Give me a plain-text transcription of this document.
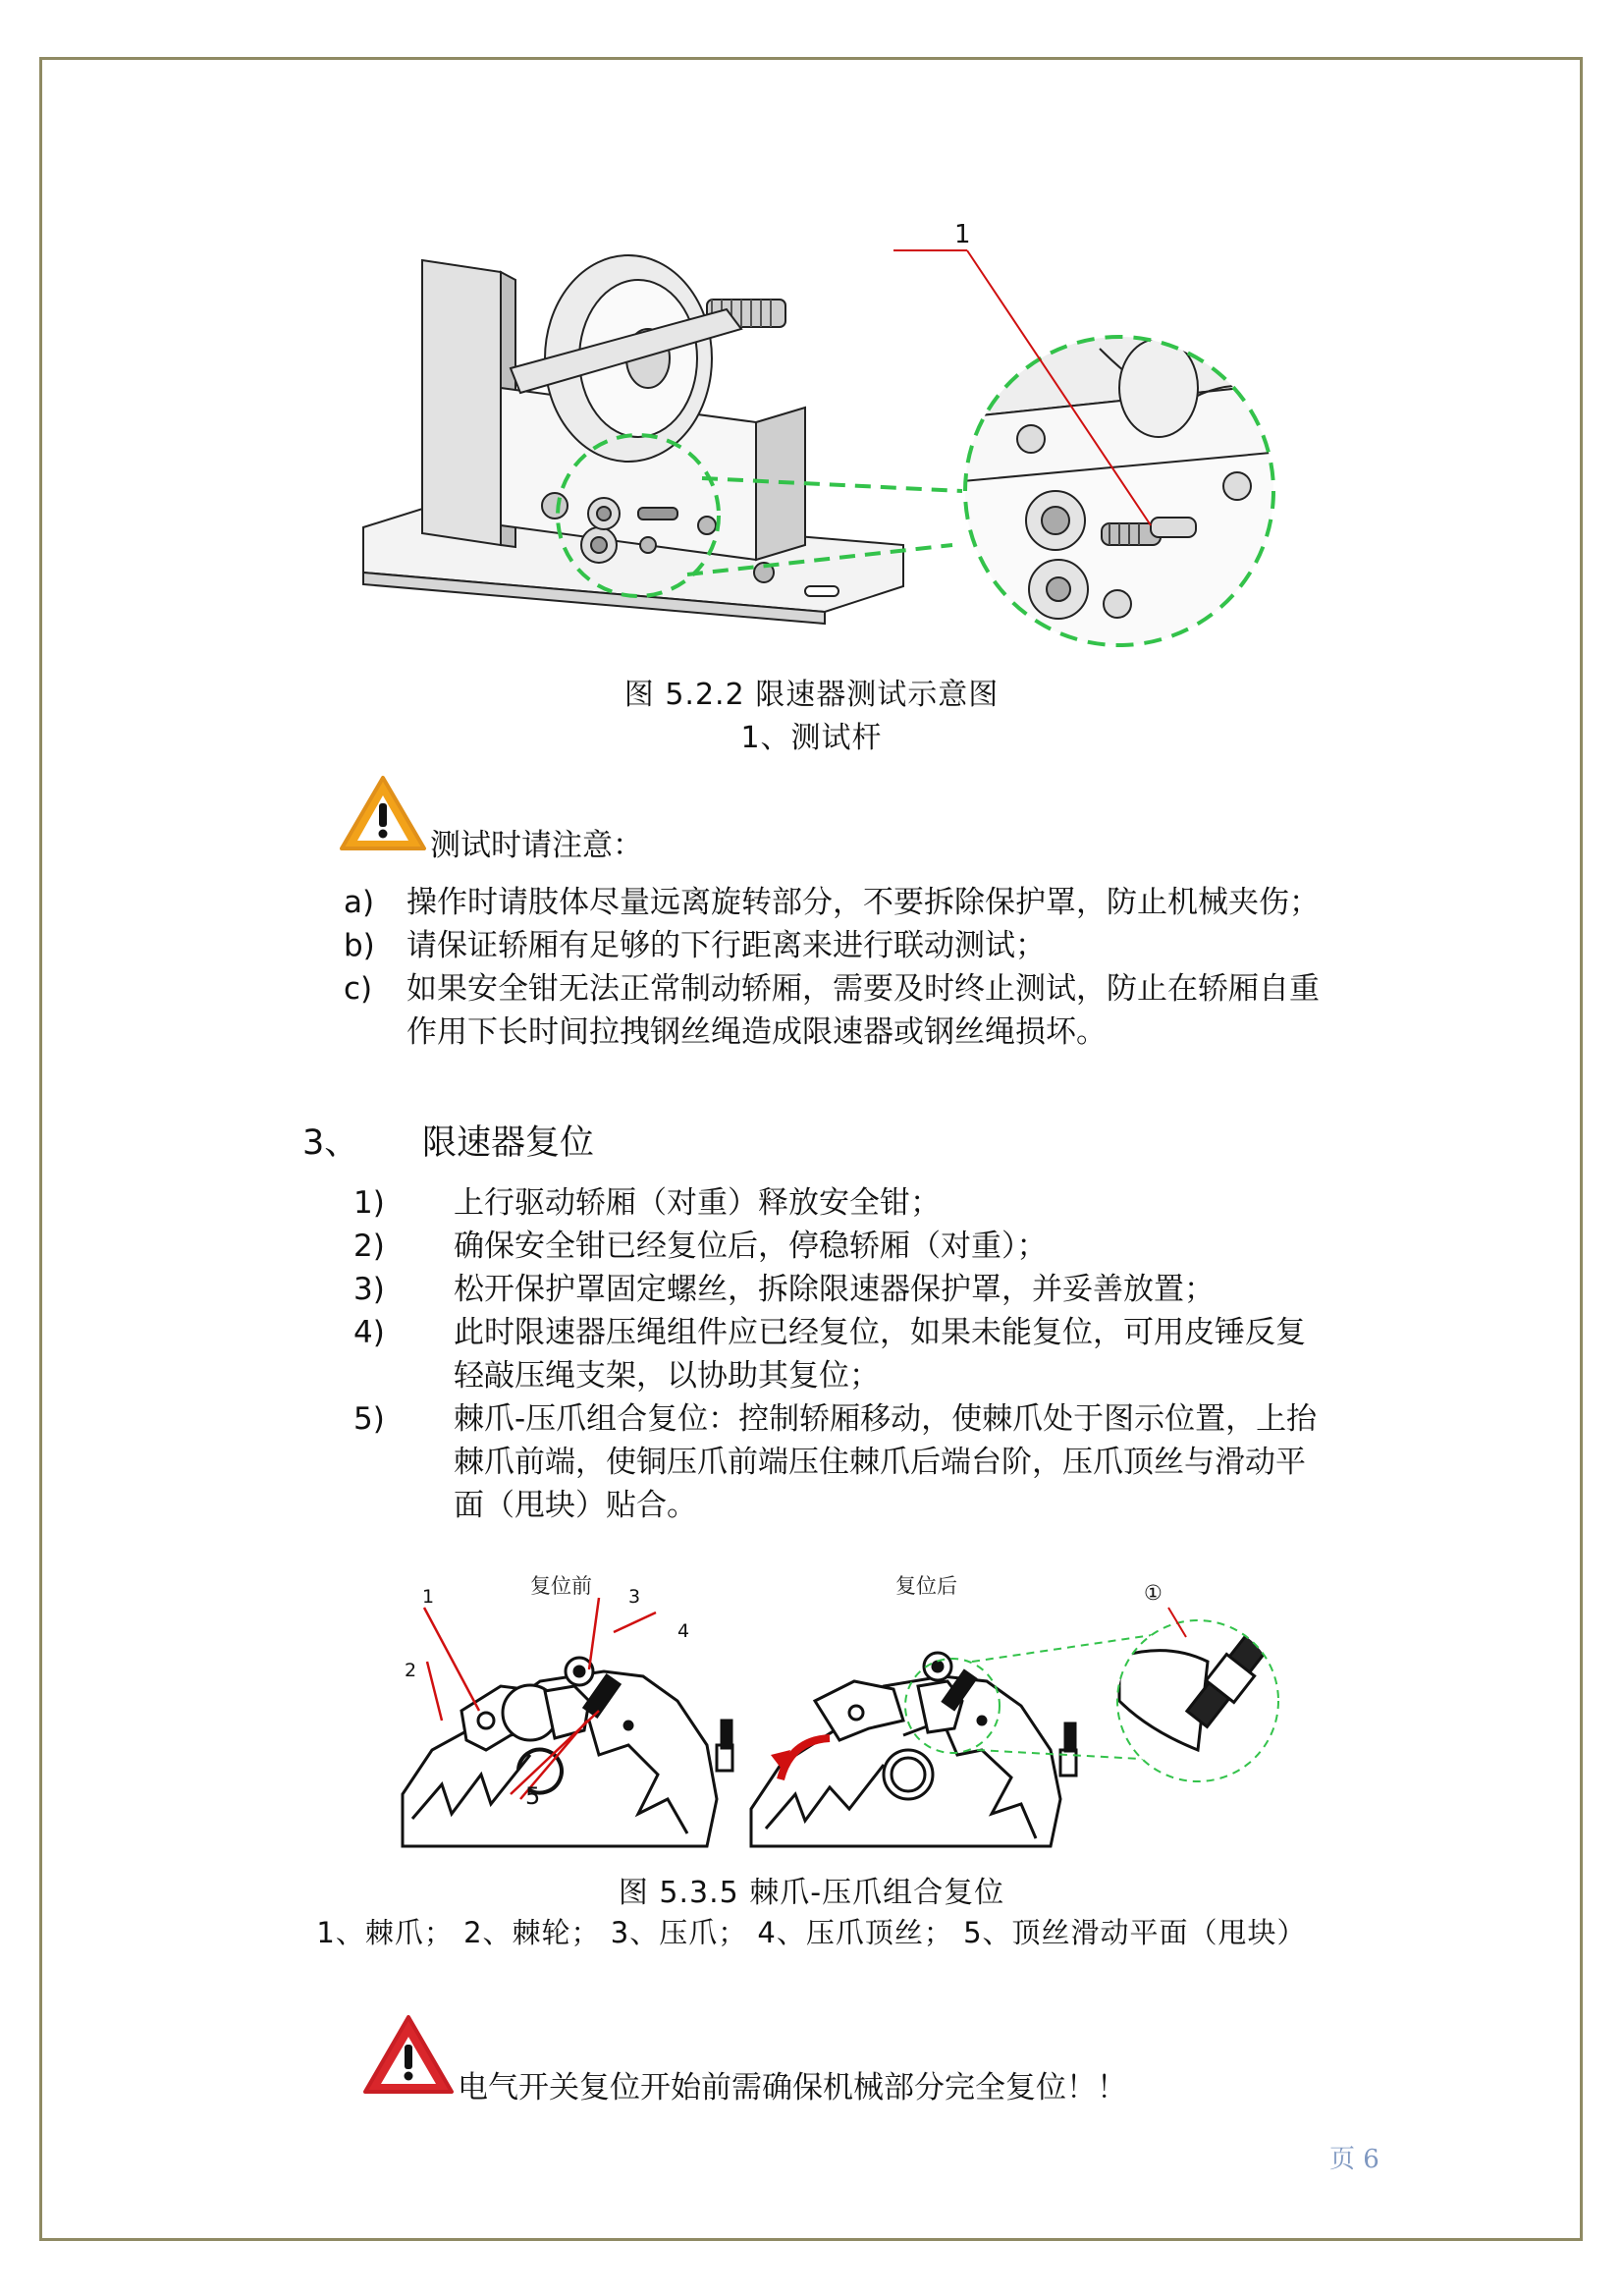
1
图 5.2.2 限速器测试示意图
1、测试杆
测试时请注意：
a) 操作时请肢体尽量远离旋转部分，不要拆除保护罩，防止机械夹伤；
b) 请保证轿厢有足够的下行距离来进行联动测试；
c) 如果安全钳无法正常制动轿厢，需要及时终止测试，防止在轿厢自重
作用下长时间拉拽钢丝绳造成限速器或钢丝绳损坏。
3、 限速器复位
1) 上行驱动轿厢（对重）释放安全钳；
2) 确保安全钳已经复位后，停稳轿厢（对重）；
3) 松开保护罩固定螺丝，拆除限速器保护罩，并妥善放置；
4) 此时限速器压绳组件应已经复位，如果未能复位，可用皮锤反复
轻敲压绳支架，以协助其复位；
5) 棘爪-压爪组合复位：控制轿厢移动，使棘爪处于图示位置，上抬
棘爪前端，使铜压爪前端压住棘爪后端台阶，压爪顶丝与滑动平
面（甩块）贴合。
复位前	复位后
1
2
3
4
5
①
图 5.3.5 棘爪-压爪组合复位
1、棘爪； 2、棘轮； 3、压爪； 4、压爪顶丝； 5、顶丝滑动平面（甩块）
电气开关复位开始前需确保机械部分完全复位！！
页 6
